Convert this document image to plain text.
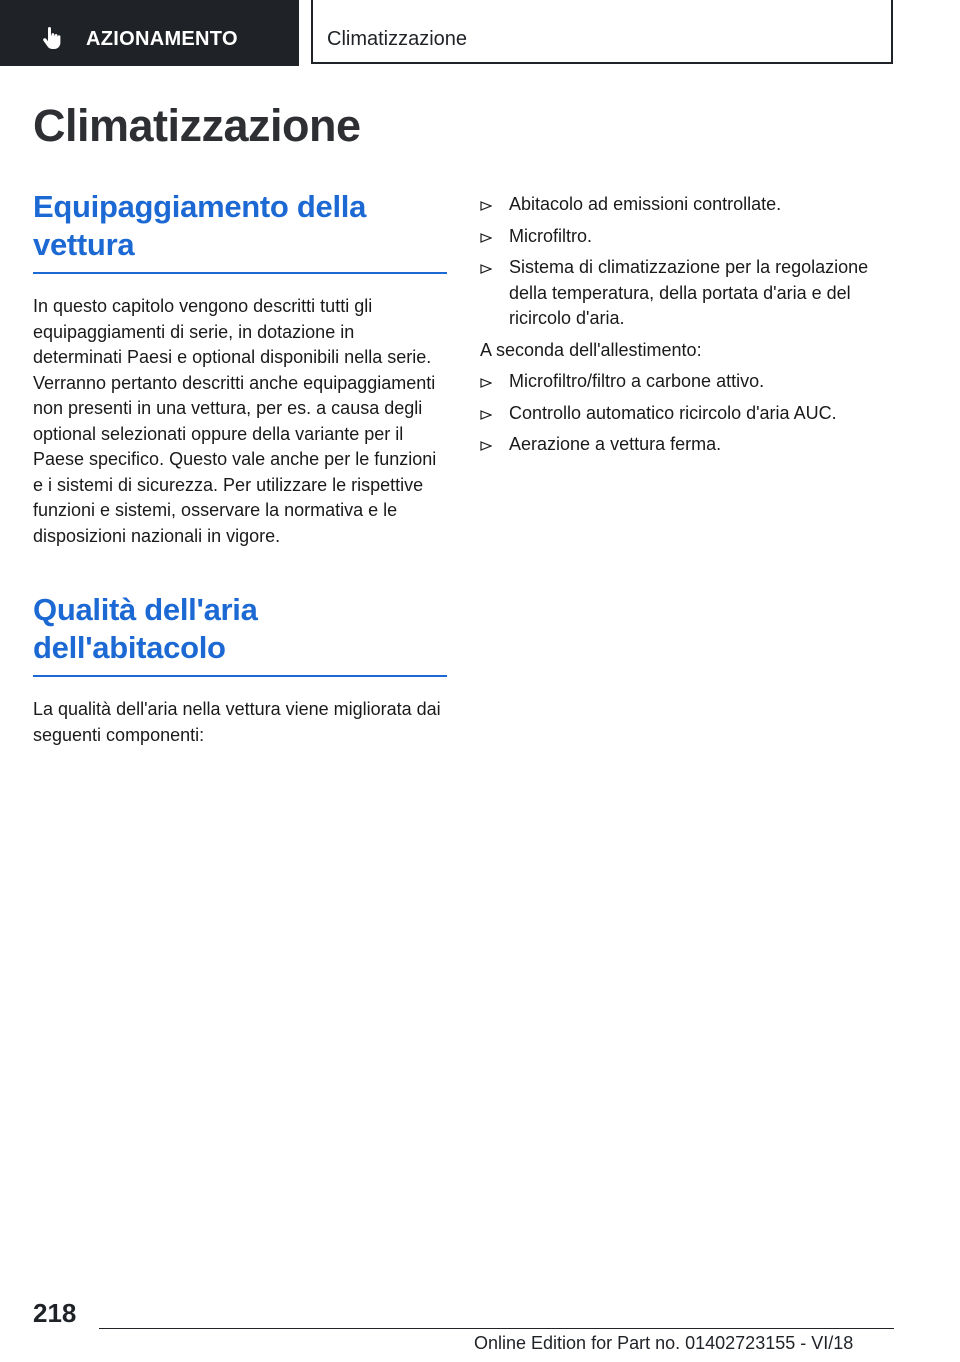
AZIONAMENTO	Climatizzazione
Climatizzazione
Equipaggiamento della vettura

In questo capitolo vengono descritti tutti gli equipaggiamenti di serie, in dotazione in determinati Paesi e optional disponibili nella serie. Verranno pertanto descritti anche equipaggiamenti non presenti in una vettura, per es. a causa degli optional selezionati oppure della variante per il Paese specifico. Questo vale anche per le funzioni e i sistemi di sicurezza. Per utilizzare le rispettive funzioni e sistemi, osservare la normativa e le disposizioni nazionali in vigore.

Qualità dell'aria dell'abitacolo

La qualità dell'aria nella vettura viene migliorata dai seguenti componenti:

Abitacolo ad emissioni controllate.
Microfiltro.
Sistema di climatizzazione per la regolazione della temperatura, della portata d'aria e del ricircolo d'aria.

A seconda dell'allestimento:

Microfiltro/filtro a carbone attivo.
Controllo automatico ricircolo d'aria AUC.
Aerazione a vettura ferma.
218
Online Edition for Part no. 01402723155 - VI/18
